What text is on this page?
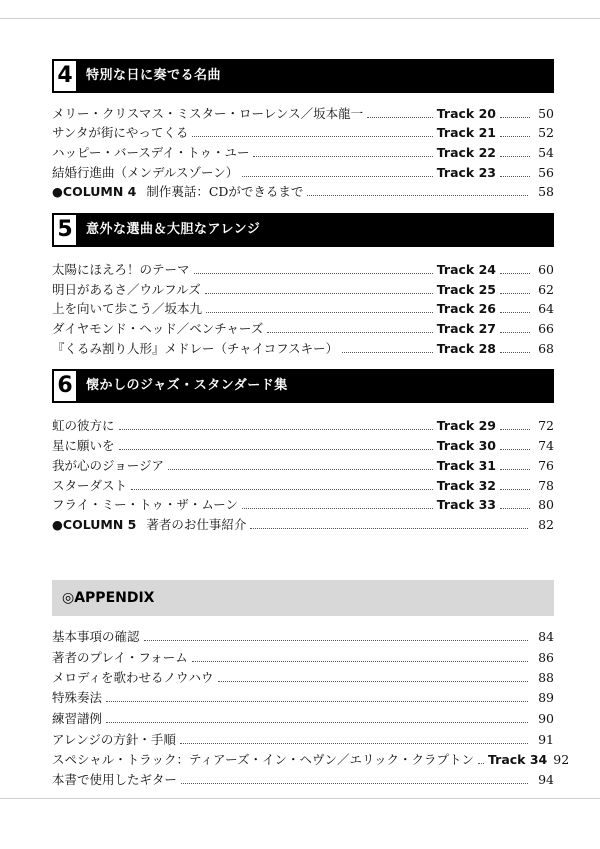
4	特別な日に奏でる名曲
メリー・クリスマス・ミスター・ローレンス／坂本龍一	Track 20	50
サンタが街にやってくる	Track 21	52
ハッピー・バースデイ・トゥ・ユー	Track 22	54
結婚行進曲（メンデルスゾーン）	Track 23	56
●COLUMN 4 制作裏話：CDができるまで	58
5	意外な選曲＆大胆なアレンジ
太陽にほえろ！のテーマ	Track 24	60
明日があるさ／ウルフルズ	Track 25	62
上を向いて歩こう／坂本九	Track 26	64
ダイヤモンド・ヘッド／ベンチャーズ	Track 27	66
『くるみ割り人形』メドレー（チャイコフスキー）	Track 28	68
6	懐かしのジャズ・スタンダード集
虹の彼方に	Track 29	72
星に願いを	Track 30	74
我が心のジョージア	Track 31	76
スターダスト	Track 32	78
フライ・ミー・トゥ・ザ・ムーン	Track 33	80
●COLUMN 5 著者のお仕事紹介	82
◎APPENDIX
基本事項の確認	84
著者のプレイ・フォーム	86
メロディを歌わせるノウハウ	88
特殊奏法	89
練習譜例	90
アレンジの方針・手順	91
スペシャル・トラック：ティアーズ・イン・ヘヴン／エリック・クラプトン Track 34 92
本書で使用したギター	94
